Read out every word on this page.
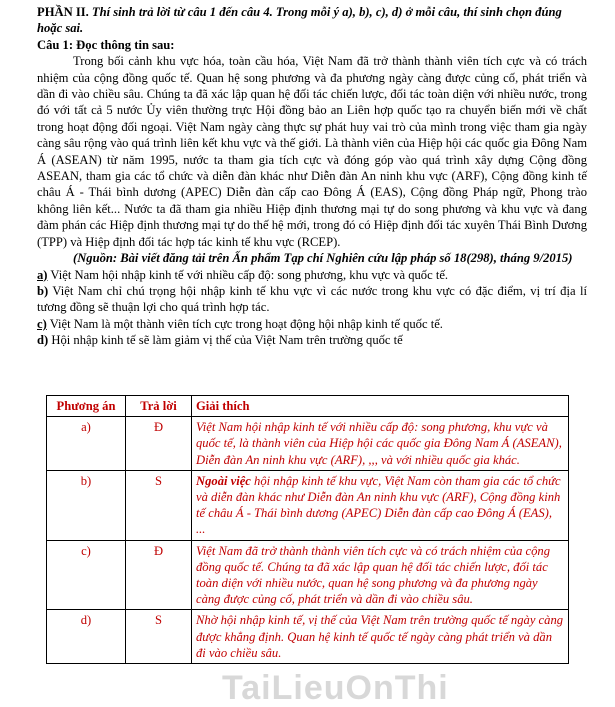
PHẦN II. Thí sinh trả lời từ câu 1 đến câu 4. Trong mỗi ý a), b), c), d) ở mỗi câu, thí sinh chọn đúng hoặc sai.

Câu 1: Đọc thông tin sau:

Trong bối cảnh khu vực hóa, toàn cầu hóa, Việt Nam đã trở thành thành viên tích cực và có trách nhiệm của cộng đồng quốc tế. Quan hệ song phương và đa phương ngày càng được củng cố, phát triển và dần đi vào chiều sâu. Chúng ta đã xác lập quan hệ đối tác chiến lược, đối tác toàn diện với nhiều nước, trong đó với tất cả 5 nước Ủy viên thường trực Hội đồng bảo an Liên hợp quốc tạo ra chuyển biến mới về chất trong hoạt động đối ngoại. Việt Nam ngày càng thực sự phát huy vai trò của mình trong việc tham gia ngày càng sâu rộng vào quá trình liên kết khu vực và thế giới. Là thành viên của Hiệp hội các quốc gia Đông Nam Á (ASEAN) từ năm 1995, nước ta tham gia tích cực và đóng góp vào quá trình xây dựng Cộng đồng ASEAN, tham gia các tổ chức và diễn đàn khác như Diễn đàn An ninh khu vực (ARF), Cộng đồng kinh tế châu Á - Thái bình dương (APEC) Diễn đàn cấp cao Đông Á (EAS), Cộng đồng Pháp ngữ, Phong trào không liên kết... Nước ta đã tham gia nhiều Hiệp định thương mại tự do song phương và khu vực và đang đàm phán các Hiệp định thương mại tự do thế hệ mới, trong đó có Hiệp định đối tác xuyên Thái Bình Dương (TPP) và Hiệp định đối tác hợp tác kinh tế khu vực (RCEP).

(Nguồn: Bài viết đăng tải trên Ấn phẩm Tạp chí Nghiên cứu lập pháp số 18(298), tháng 9/2015)

a) Việt Nam hội nhập kinh tế với nhiều cấp độ: song phương, khu vực và quốc tế.

b) Việt Nam chỉ chú trọng hội nhập kinh tế khu vực vì các nước trong khu vực có đặc điểm, vị trí địa lí tương đồng sẽ thuận lợi cho quá trình hợp tác.

c) Việt Nam là một thành viên tích cực trong hoạt động hội nhập kinh tế quốc tế.

d) Hội nhập kinh tế sẽ làm giảm vị thế của Việt Nam trên trường quốc tế

Phương án	Trả lời	Giải thích
a)	Đ	Việt Nam hội nhập kinh tế với nhiều cấp độ: song phương, khu vực và quốc tế, là thành viên của Hiệp hội các quốc gia Đông Nam Á (ASEAN), Diễn đàn An ninh khu vực (ARF), ,,, và với nhiều quốc gia khác.
b)	S	Ngoài việc hội nhập kinh tế khu vực, Việt Nam còn tham gia các tổ chức và diễn đàn khác như Diễn đàn An ninh khu vực (ARF), Cộng đồng kinh tế châu Á - Thái bình dương (APEC) Diễn đàn cấp cao Đông Á (EAS), ...
c)	Đ	Việt Nam đã trở thành thành viên tích cực và có trách nhiệm của cộng đồng quốc tế. Chúng ta đã xác lập quan hệ đối tác chiến lược, đối tác toàn diện với nhiều nước, quan hệ song phương và đa phương ngày càng được củng cố, phát triển và dần đi vào chiều sâu.
d)	S	Nhờ hội nhập kinh tế, vị thế của Việt Nam trên trường quốc tế ngày càng được khẳng định. Quan hệ kinh tế quốc tế ngày càng phát triển và dần đi vào chiều sâu.
TaiLieuOnThi
